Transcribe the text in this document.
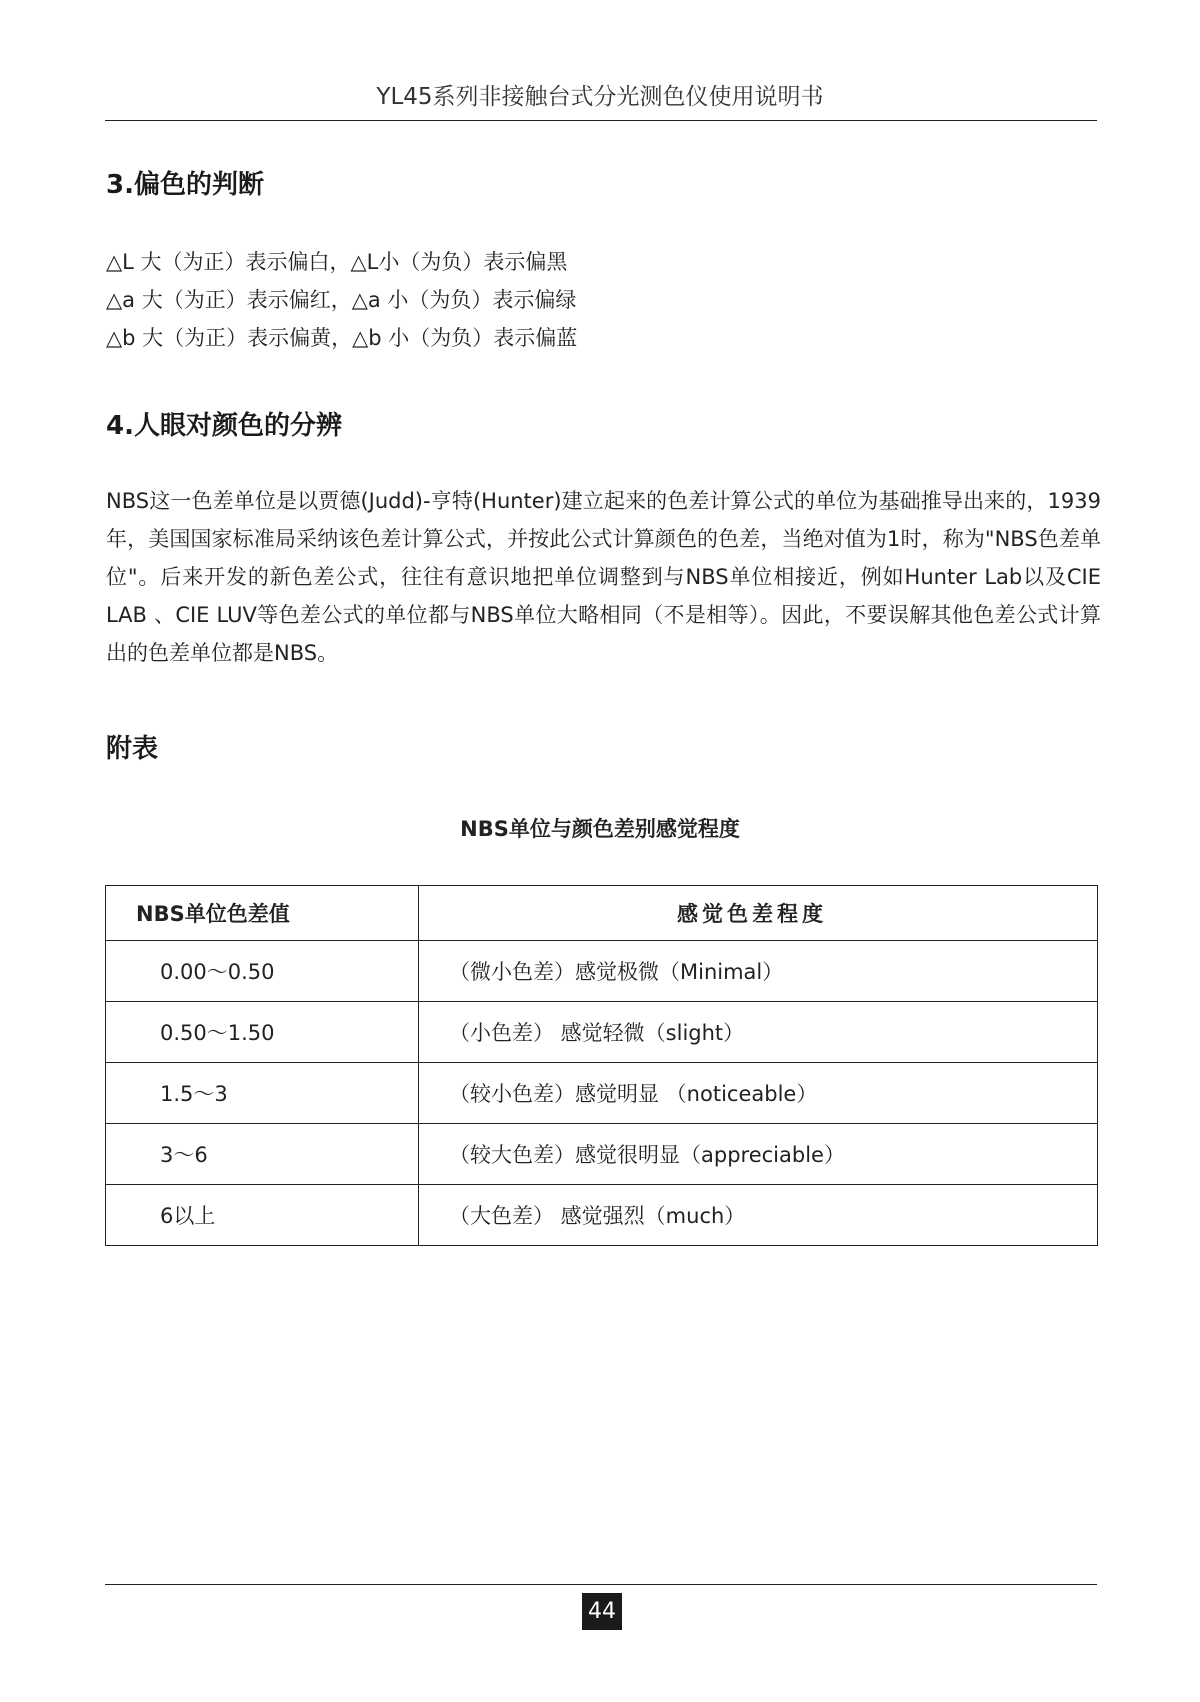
YL45系列非接触台式分光测色仪使用说明书
3.偏色的判断
△L 大（为正）表示偏白，△L小（为负）表示偏黑
△a 大（为正）表示偏红，△a 小（为负）表示偏绿
△b 大（为正）表示偏黄，△b 小（为负）表示偏蓝
4.人眼对颜色的分辨
NBS这一色差单位是以贾德(Judd)-亨特(Hunter)建立起来的色差计算公式的单位为基础推导出来的，1939年，美国国家标准局采纳该色差计算公式，并按此公式计算颜色的色差，当绝对值为1时，称为"NBS色差单位"。后来开发的新色差公式，往往有意识地把单位调整到与NBS单位相接近，例如Hunter Lab以及CIE LAB 、CIE LUV等色差公式的单位都与NBS单位大略相同（不是相等）。因此，不要误解其他色差公式计算出的色差单位都是NBS。
附表
NBS单位与颜色差别感觉程度
NBS单位色差值	感觉色差程度
0.00～0.50	（微小色差）感觉极微（Minimal）
0.50～1.50	（小色差） 感觉轻微（slight）
1.5～3	（较小色差）感觉明显 （noticeable）
3～6	（较大色差）感觉很明显（appreciable）
6以上	（大色差） 感觉强烈（much）
44
